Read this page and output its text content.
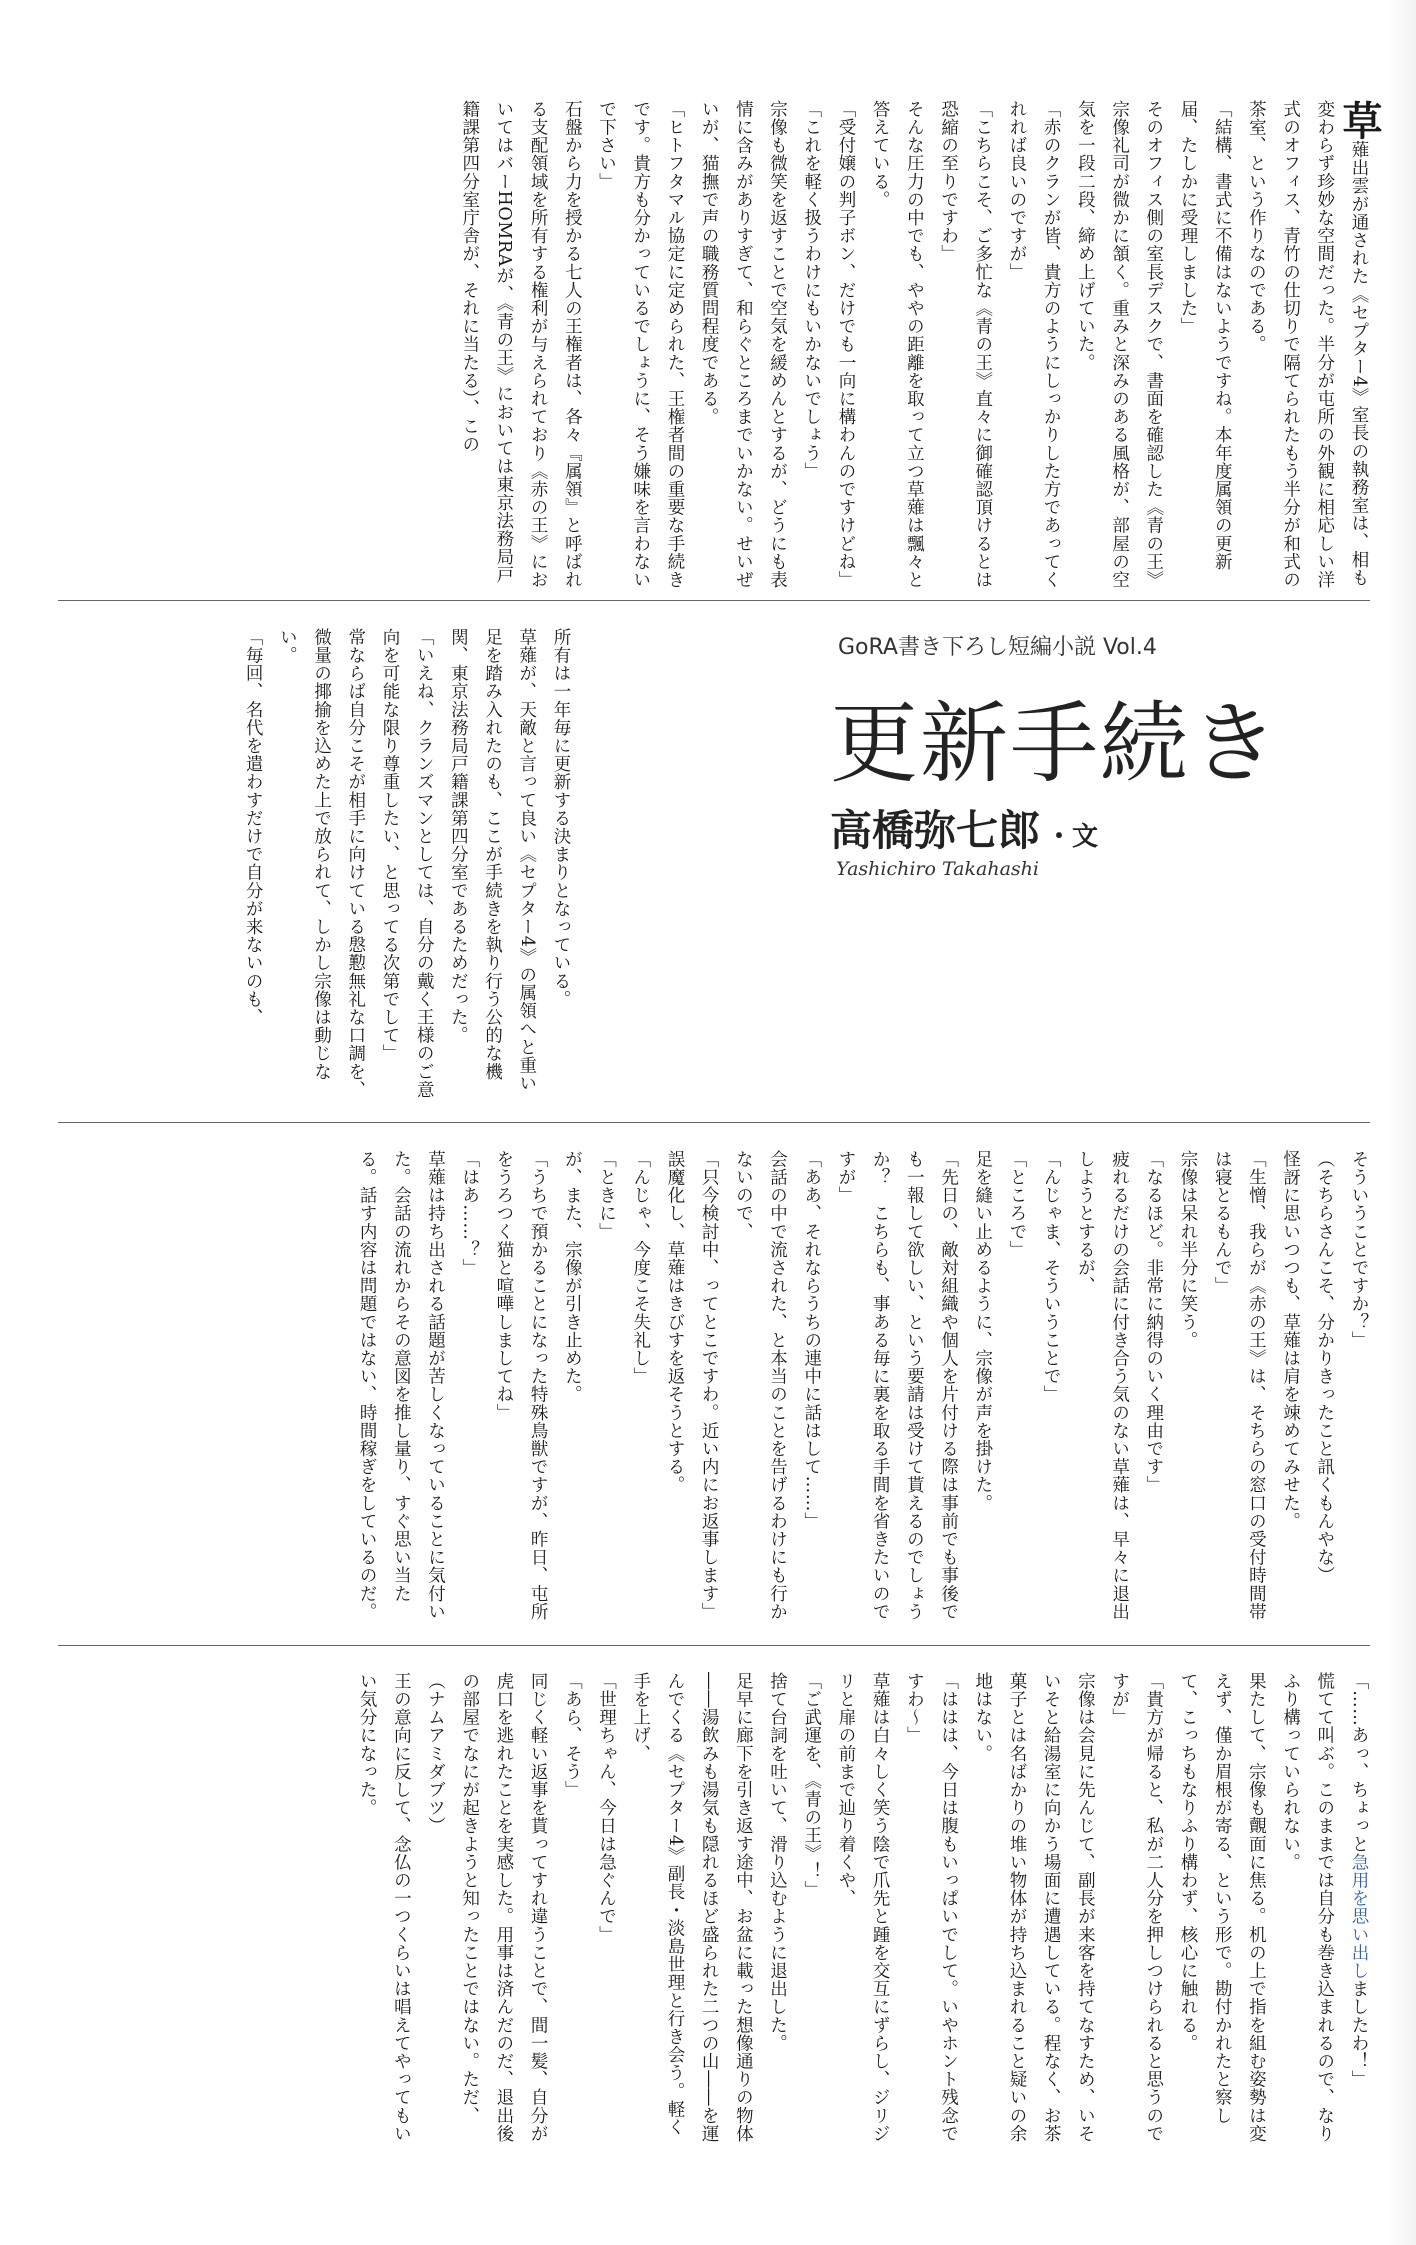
草薙出雲が通された《セプター4》室長の執務室は、相も変わらず珍妙な空間だった。半分が屯所の外観に相応しい洋式のオフィス、青竹の仕切りで隔てられたもう半分が和式の茶室、という作りなのである。

「結構、書式に不備はないようですね。本年度属領の更新届、たしかに受理しました」

そのオフィス側の室長デスクで、書面を確認した《青の王》宗像礼司が微かに頷く。重みと深みのある風格が、部屋の空気を一段二段、締め上げていた。

「赤のクランが皆、貴方のようにしっかりした方であってくれれば良いのですが」

「こちらこそ、ご多忙な《青の王》直々に御確認頂けるとは恐縮の至りですわ」

そんな圧力の中でも、ややの距離を取って立つ草薙は飄々と答えている。

「受付嬢の判子ボン、だけでも一向に構わんのですけどね」

「これを軽く扱うわけにもいかないでしょう」

宗像も微笑を返すことで空気を緩めんとするが、どうにも表情に含みがありすぎて、和らぐところまでいかない。せいぜいが、猫撫で声の職務質問程度である。

「ヒトフタマル協定に定められた、王権者間の重要な手続きです。貴方も分かっているでしょうに、そう嫌味を言わないで下さい」

石盤から力を授かる七人の王権者は、各々『属領』と呼ばれる支配領域を所有する権利が与えられており《赤の王》においてはバーHOMRAが、《青の王》においては東京法務局戸籍課第四分室庁舎が、それに当たる）、この

GoRA書き下ろし短編小説 Vol.4
更新手続き
高橋弥七郎 ・文
Yashichiro Takahashi

所有は一年毎に更新する決まりとなっている。

草薙が、天敵と言って良い《セプター4》の属領へと重い足を踏み入れたのも、ここが手続きを執り行う公的な機関、東京法務局戸籍課第四分室であるためだった。

「いえね、クランズマンとしては、自分の戴く王様のご意向を可能な限り尊重したい、と思ってる次第でして」

常ならば自分こそが相手に向けている慇懃無礼な口調を、微量の揶揄を込めた上で放られて、しかし宗像は動じない。

「毎回、名代を遣わすだけで自分が来ないのも、

そういうことですか？」

（そちらさんこそ、分かりきったこと訊くもんやな）

怪訝に思いつつも、草薙は肩を竦めてみせた。

「生憎、我らが《赤の王》は、そちらの窓口の受付時間帯は寝とるもんで」

宗像は呆れ半分に笑う。

「なるほど。非常に納得のいく理由です」

疲れるだけの会話に付き合う気のない草薙は、早々に退出しようとするが、

「んじゃま、そういうことで」

「ところで」

足を縫い止めるように、宗像が声を掛けた。

「先日の、敵対組織や個人を片付ける際は事前でも事後でも一報して欲しい、という要請は受けて貰えるのでしょうか？　こちらも、事ある毎に裏を取る手間を省きたいのですが」

「ああ、それならうちの連中に話はして……」

会話の中で流された、と本当のことを告げるわけにも行かないので、

「只今検討中、ってとこですわ。近い内にお返事します」

誤魔化し、草薙はきびすを返そうとする。

「んじゃ、今度こそ失礼し」

「ときに」

が、また、宗像が引き止めた。

「うちで預かることになった特殊鳥獣ですが、昨日、屯所をうろつく猫と喧嘩しましてね」

「はあ……？」

草薙は持ち出される話題が苦しくなっていることに気付いた。会話の流れからその意図を推し量り、すぐ思い当たる。話す内容は問題ではない、時間稼ぎをしているのだ。

「……あっ、ちょっと急用を思い出しましたわ！」

慌てて叫ぶ。このままでは自分も巻き込まれるので、なりふり構っていられない。

果たして、宗像も覿面に焦る。机の上で指を組む姿勢は変えず、僅か眉根が寄る、という形で。勘付かれたと察して、こっちもなりふり構わず、核心に触れる。

「貴方が帰ると、私が二人分を押しつけられると思うのですが」

宗像は会見に先んじて、副長が来客を持てなすため、いそいそと給湯室に向かう場面に遭遇している。程なく、お茶菓子とは名ばかりの堆い物体が持ち込まれること疑いの余地はない。

「ははは、今日は腹もいっぱいでして。いやホント残念ですわ〜」

草薙は白々しく笑う陰で爪先と踵を交互にずらし、ジリジリと扉の前まで辿り着くや、

「ご武運を、《青の王》！」

捨て台詞を吐いて、滑り込むように退出した。

足早に廊下を引き返す途中、お盆に載った想像通りの物体――湯飲みも湯気も隠れるほど盛られた二つの山――を運んでくる《セプター4》副長・淡島世理と行き会う。軽く手を上げ、

「世理ちゃん、今日は急ぐんで」

「あら、そう」

同じく軽い返事を貰ってすれ違うことで、間一髪、自分が虎口を逃れたことを実感した。用事は済んだのだ、退出後の部屋でなにが起きようと知ったことではない。ただ、

（ナムアミダブツ）

王の意向に反して、念仏の一つくらいは唱えてやってもいい気分になった。
